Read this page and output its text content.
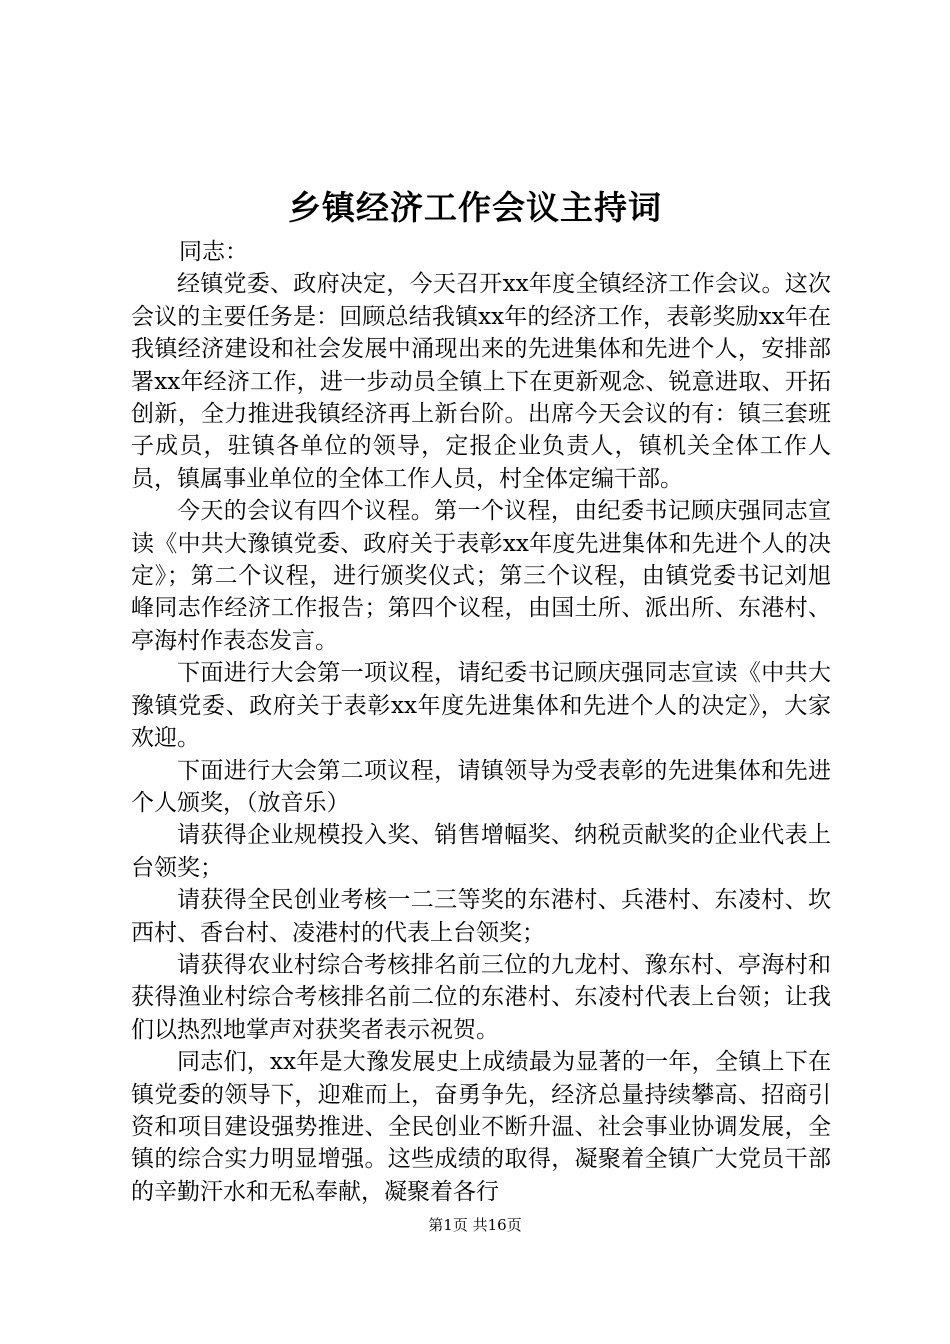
乡镇经济工作会议主持词

同志：

经镇党委、政府决定，今天召开xx年度全镇经济工作会议。这次会议的主要任务是：回顾总结我镇xx年的经济工作，表彰奖励xx年在我镇经济建设和社会发展中涌现出来的先进集体和先进个人，安排部署xx年经济工作，进一步动员全镇上下在更新观念、锐意进取、开拓创新，全力推进我镇经济再上新台阶。出席今天会议的有：镇三套班子成员，驻镇各单位的领导，定报企业负责人，镇机关全体工作人员，镇属事业单位的全体工作人员，村全体定编干部。

今天的会议有四个议程。第一个议程，由纪委书记顾庆强同志宣读《中共大豫镇党委、政府关于表彰xx年度先进集体和先进个人的决定》；第二个议程，进行颁奖仪式；第三个议程，由镇党委书记刘旭峰同志作经济工作报告；第四个议程，由国土所、派出所、东港村、亭海村作表态发言。

下面进行大会第一项议程，请纪委书记顾庆强同志宣读《中共大豫镇党委、政府关于表彰xx年度先进集体和先进个人的决定》，大家欢迎。

下面进行大会第二项议程，请镇领导为受表彰的先进集体和先进个人颁奖，（放音乐）

请获得企业规模投入奖、销售增幅奖、纳税贡献奖的企业代表上台领奖；

请获得全民创业考核一二三等奖的东港村、兵港村、东凌村、坎西村、香台村、凌港村的代表上台领奖；

请获得农业村综合考核排名前三位的九龙村、豫东村、亭海村和获得渔业村综合考核排名前二位的东港村、东凌村代表上台领；让我们以热烈地掌声对获奖者表示祝贺。

同志们，xx年是大豫发展史上成绩最为显著的一年，全镇上下在镇党委的领导下，迎难而上，奋勇争先，经济总量持续攀高、招商引资和项目建设强势推进、全民创业不断升温、社会事业协调发展，全镇的综合实力明显增强。这些成绩的取得，凝聚着全镇广大党员干部的辛勤汗水和无私奉献，凝聚着各行

第1页 共16页
